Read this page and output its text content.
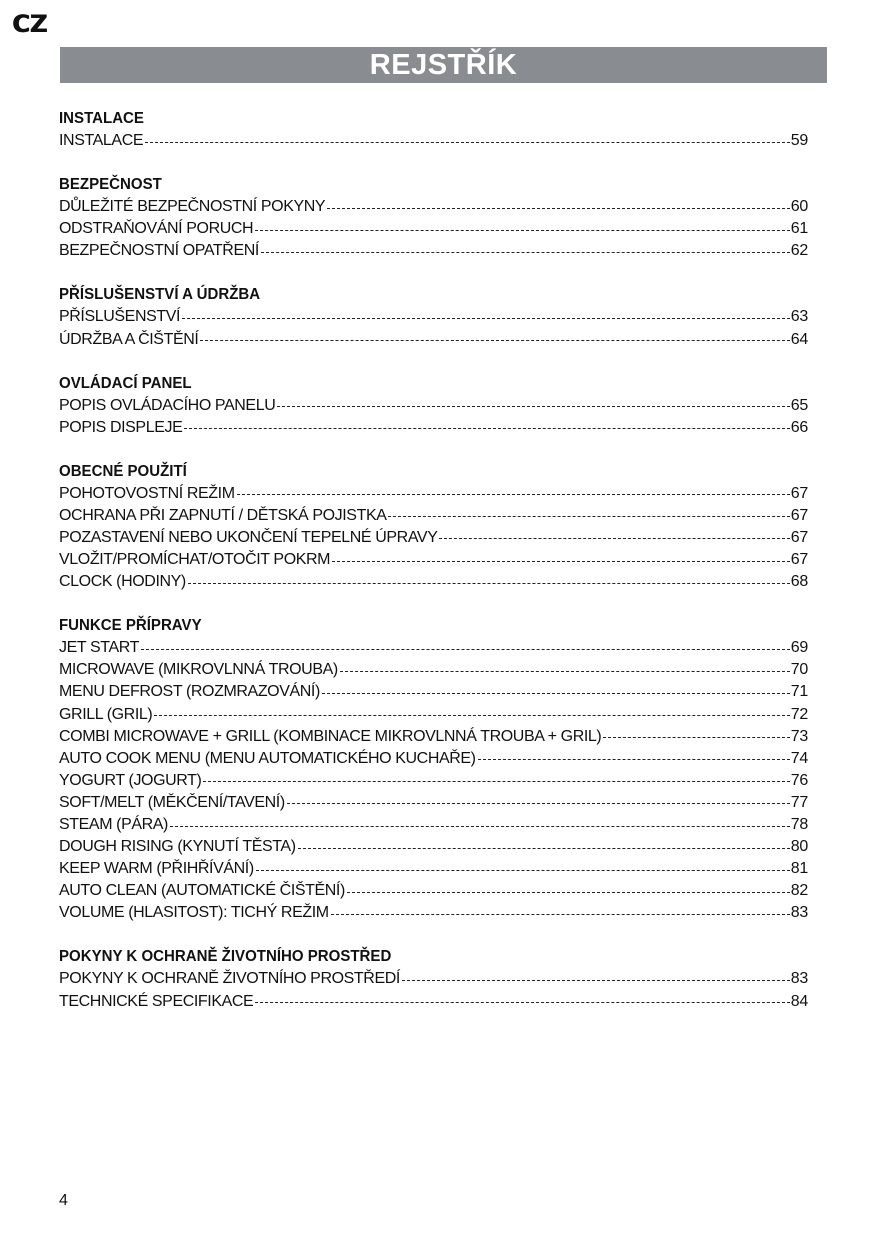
CZ
REJSTŘÍK
INSTALACE
INSTALACE	59
BEZPEČNOST
DŮLEŽITÉ BEZPEČNOSTNÍ POKYNY	60
ODSTRAŇOVÁNÍ PORUCH	61
BEZPEČNOSTNÍ OPATŘENÍ	62
PŘÍSLUŠENSTVÍ A ÚDRŽBA
PŘÍSLUŠENSTVÍ	63
ÚDRŽBA A ČIŠTĚNÍ	64
OVLÁDACÍ PANEL
POPIS OVLÁDACÍHO PANELU	65
POPIS DISPLEJE	66
OBECNÉ POUŽITÍ
POHOTOVOSTNÍ REŽIM	67
OCHRANA PŘI ZAPNUTÍ / DĚTSKÁ POJISTKA	67
POZASTAVENÍ NEBO UKONČENÍ TEPELNÉ ÚPRAVY	67
VLOŽIT/PROMÍCHAT/OTOČIT POKRM	67
CLOCK (HODINY)	68
FUNKCE PŘÍPRAVY
JET START	69
MICROWAVE (MIKROVLNNÁ TROUBA)	70
MENU DEFROST (ROZMRAZOVÁNÍ)	71
GRILL (GRIL)	72
COMBI MICROWAVE + GRILL (KOMBINACE MIKROVLNNÁ TROUBA + GRIL)	73
AUTO COOK MENU (MENU AUTOMATICKÉHO KUCHAŘE)	74
YOGURT (JOGURT)	76
SOFT/MELT (MĚKČENÍ/TAVENÍ)	77
STEAM (PÁRA)	78
DOUGH RISING (KYNUTÍ TĚSTA)	80
KEEP WARM (PŘIHŘÍVÁNÍ)	81
AUTO CLEAN (AUTOMATICKÉ ČIŠTĚNÍ)	82
VOLUME (HLASITOST): TICHÝ REŽIM	83
POKYNY K OCHRANĚ ŽIVOTNÍHO PROSTŘED
POKYNY K OCHRANĚ ŽIVOTNÍHO PROSTŘEDÍ	83
TECHNICKÉ SPECIFIKACE	84
4
